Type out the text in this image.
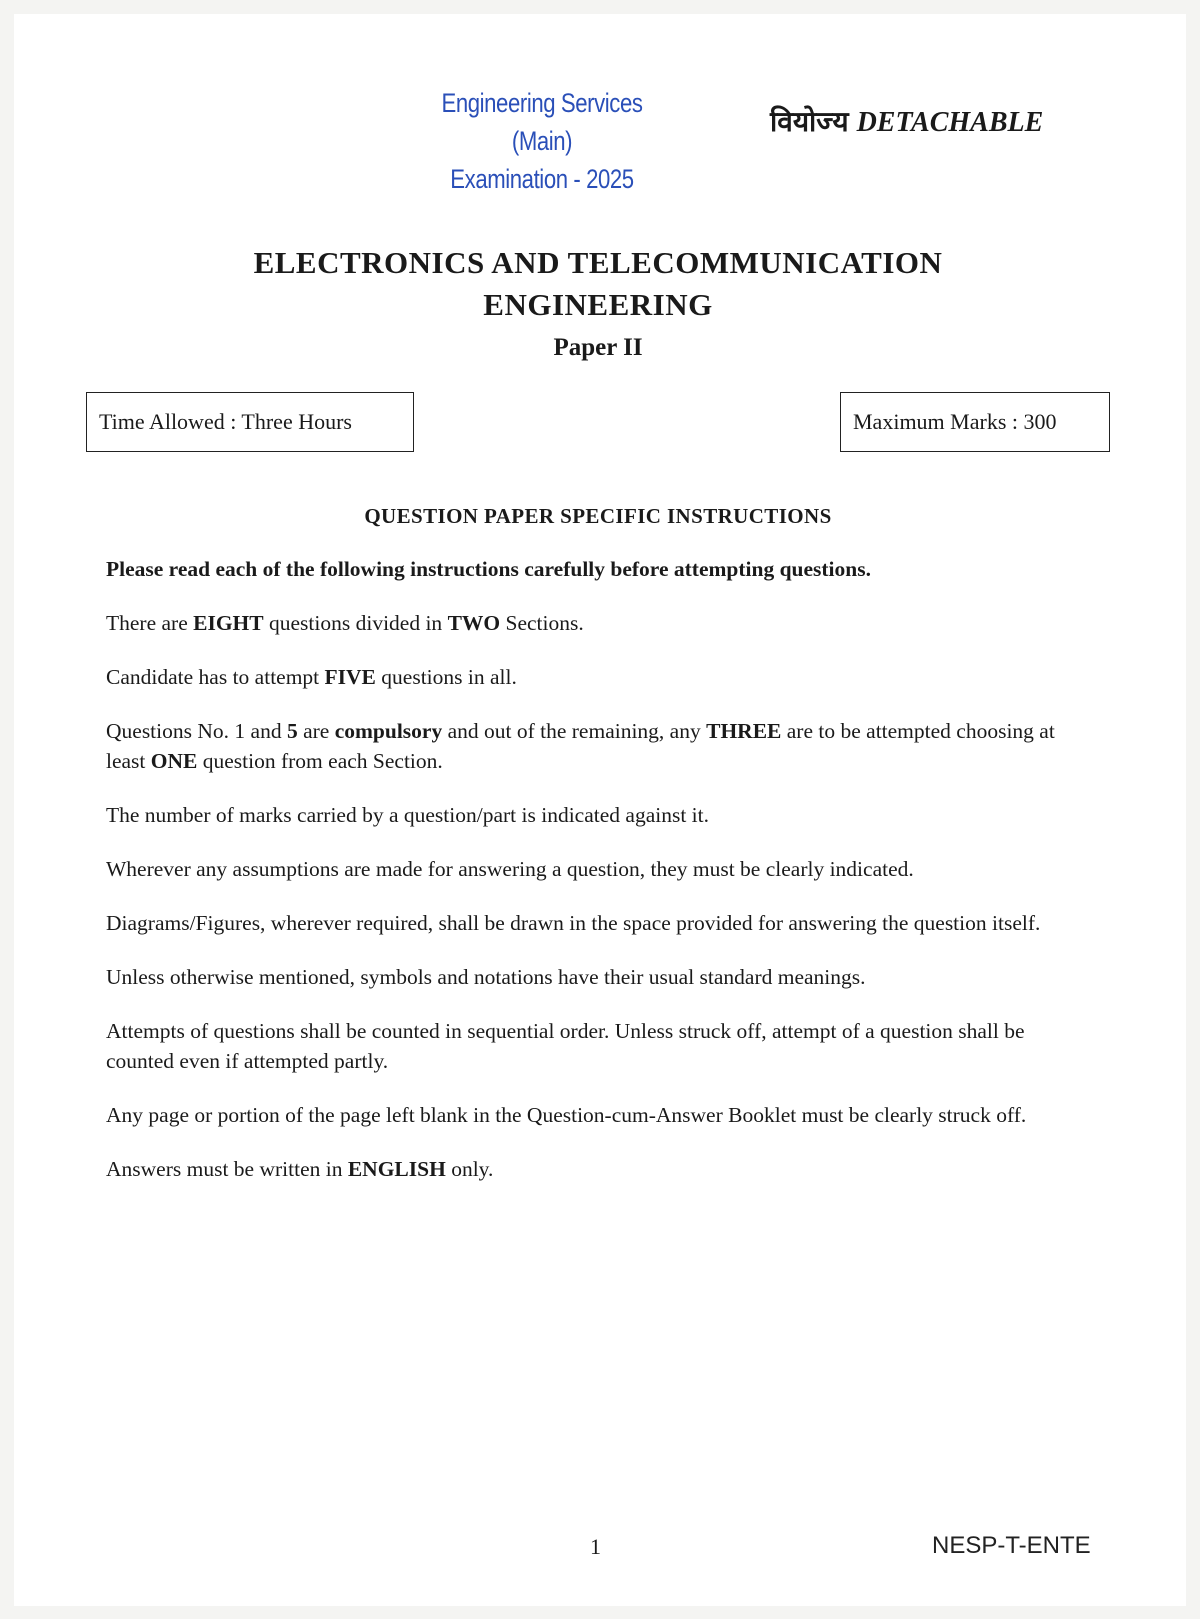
Engineering Services (Main)
Examination - 2025
वियोज्य DETACHABLE
ELECTRONICS AND TELECOMMUNICATION
ENGINEERING
Paper II
Time Allowed : Three Hours	Maximum Marks : 300
QUESTION PAPER SPECIFIC INSTRUCTIONS

Please read each of the following instructions carefully before attempting questions.

There are EIGHT questions divided in TWO Sections.

Candidate has to attempt FIVE questions in all.

Questions No. 1 and 5 are compulsory and out of the remaining, any THREE are to be attempted choosing at least ONE question from each Section.

The number of marks carried by a question/part is indicated against it.

Wherever any assumptions are made for answering a question, they must be clearly indicated.

Diagrams/Figures, wherever required, shall be drawn in the space provided for answering the question itself.

Unless otherwise mentioned, symbols and notations have their usual standard meanings.

Attempts of questions shall be counted in sequential order. Unless struck off, attempt of a question shall be counted even if attempted partly.

Any page or portion of the page left blank in the Question-cum-Answer Booklet must be clearly struck off.

Answers must be written in ENGLISH only.

1	NESP-T-ENTE
